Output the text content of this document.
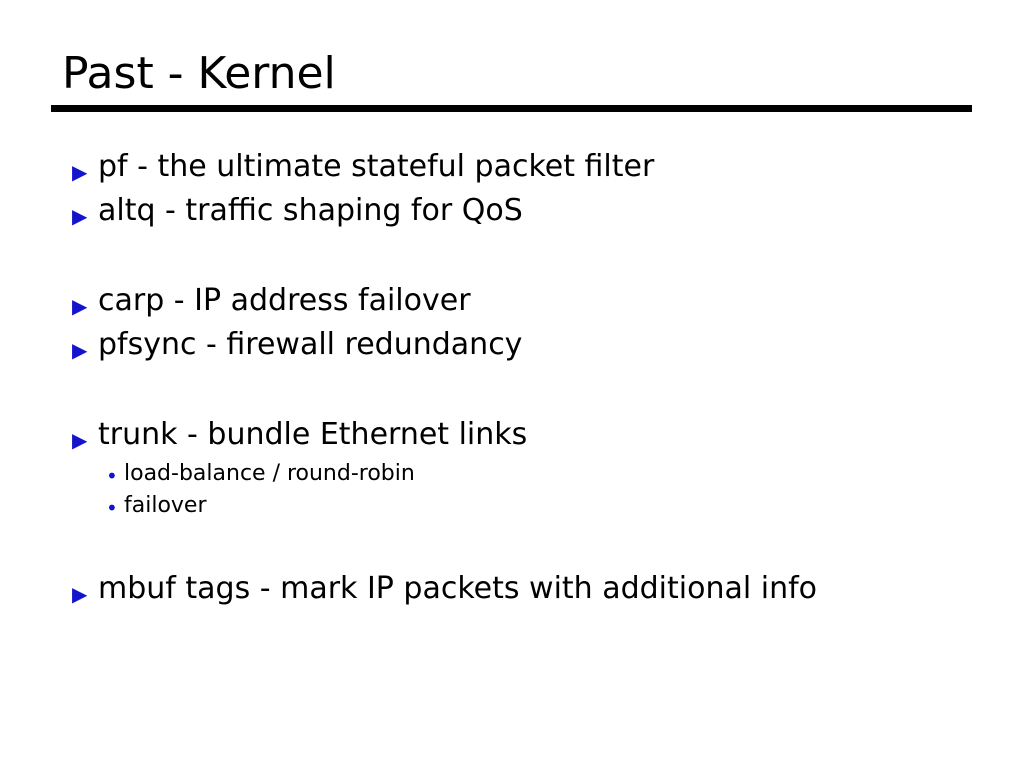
Past - Kernel
▶ pf - the ultimate stateful packet filter
▶ altq - traffic shaping for QoS
▶ carp - IP address failover
▶ pfsync - firewall redundancy
▶ trunk - bundle Ethernet links
• load-balance / round-robin
• failover
▶ mbuf tags - mark IP packets with additional info
